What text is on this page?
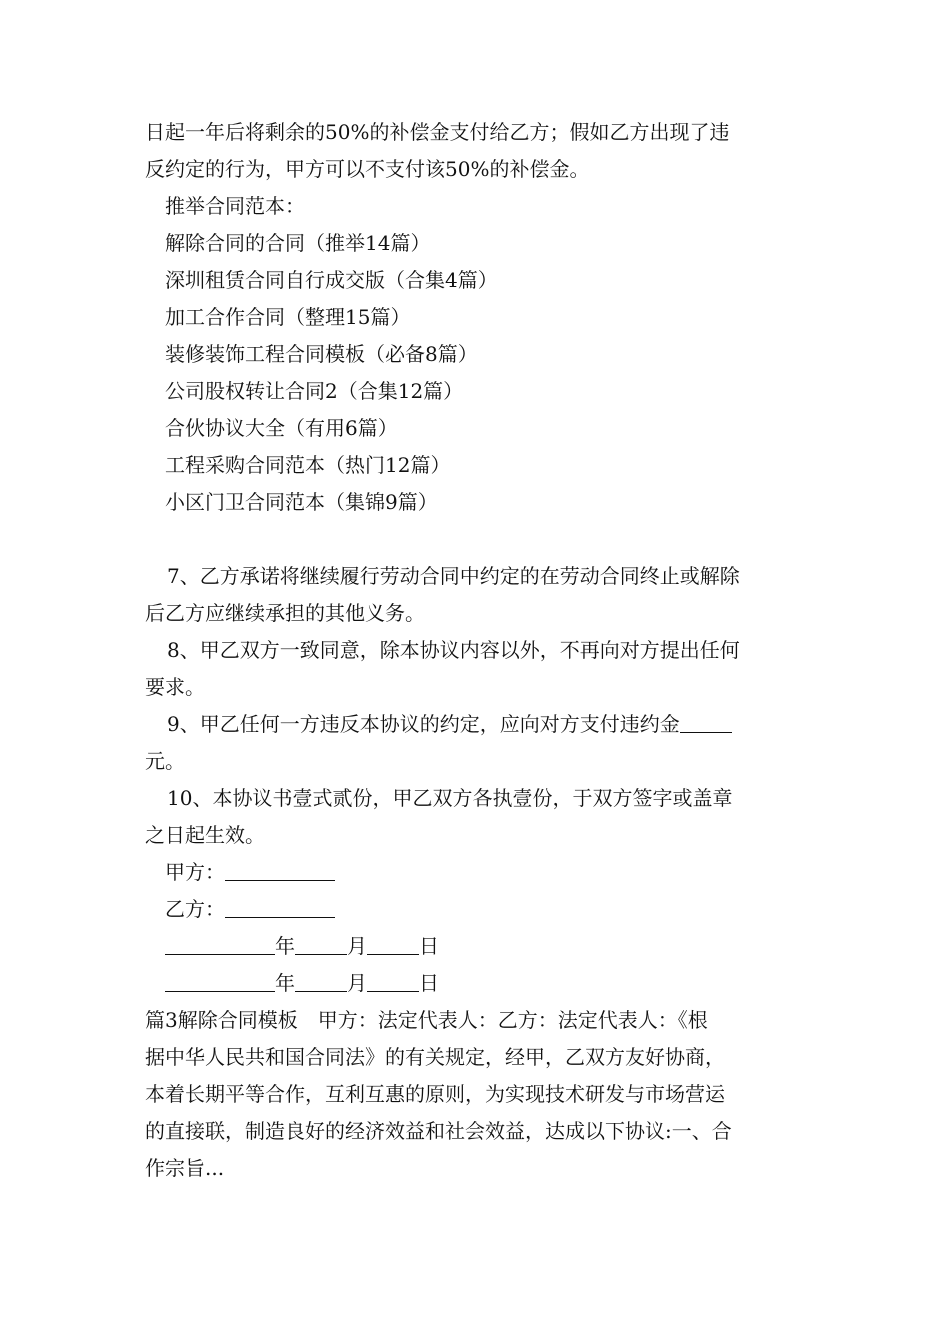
日起一年后将剩余的50%的补偿金支付给乙方；假如乙方出现了违
反约定的行为，甲方可以不支付该50%的补偿金。
推举合同范本：
解除合同的合同（推举14篇）
深圳租赁合同自行成交版（合集4篇）
加工合作合同（整理15篇）
装修装饰工程合同模板（必备8篇）
公司股权转让合同2（合集12篇）
合伙协议大全（有用6篇）
工程采购合同范本（热门12篇）
小区门卫合同范本（集锦9篇）
7、乙方承诺将继续履行劳动合同中约定的在劳动合同终止或解除
后乙方应继续承担的其他义务。
8、甲乙双方一致同意，除本协议内容以外，不再向对方提出任何
要求。
9、甲乙任何一方违反本协议的约定，应向对方支付违约金
元。
10、本协议书壹式贰份，甲乙双方各执壹份，于双方签字或盖章
之日起生效。
甲方：
乙方：
年	月	日
年	月	日
篇3解除合同模板　甲方：法定代表人：乙方：法定代表人：《根
据中华人民共和国合同法》的有关规定，经甲，乙双方友好协商，
本着长期平等合作，互利互惠的原则，为实现技术研发与市场营运
的直接联，制造良好的经济效益和社会效益，达成以下协议:一、合
作宗旨...
